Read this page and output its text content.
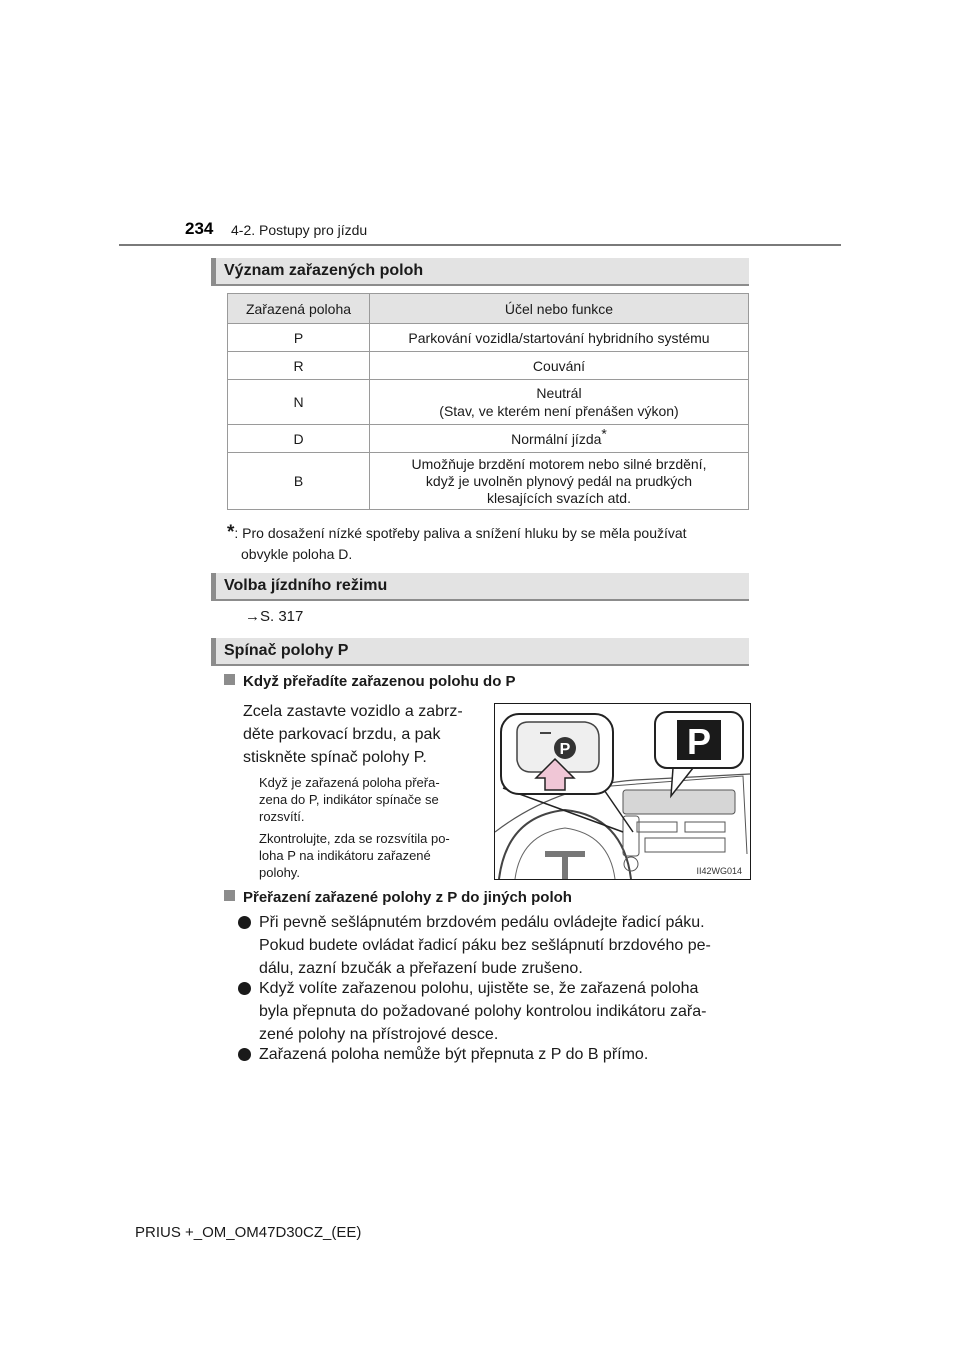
234 4-2. Postupy pro jízdu
Význam zařazených poloh
Zařazená poloha	Účel nebo funkce
P	Parkování vozidla/startování hybridního systému
R	Couvání
N	Neutrál
(Stav, ve kterém není přenášen výkon)

D	Normální jízda*
B	Umožňuje brzdění motorem nebo silné brzdění,
když je uvolněn plynový pedál na prudkých
klesajících svazích atd.
*: Pro dosažení nízké spotřeby paliva a snížení hluku by se měla používat
obvykle poloha D.
Volba jízdního režimu
→S. 317
Spínač polohy P
Když přeřadíte zařazenou polohu do P
Zcela zastavte vozidlo a zabrz-
děte parkovací brzdu, a pak
stiskněte spínač polohy P.
Když je zařazená poloha přeřa-
zena do P, indikátor spínače se
rozsvítí.
Zkontrolujte, zda se rozsvítila po-
loha P na indikátoru zařazené
polohy.
P	P
II42WG014
Přeřazení zařazené polohy z P do jiných poloh
Při pevně sešlápnutém brzdovém pedálu ovládejte řadicí páku.
Pokud budete ovládat řadicí páku bez sešlápnutí brzdového pe-
dálu, zazní bzučák a přeřazení bude zrušeno.
Když volíte zařazenou polohu, ujistěte se, že zařazená poloha
byla přepnuta do požadované polohy kontrolou indikátoru zařa-
zené polohy na přístrojové desce.
Zařazená poloha nemůže být přepnuta z P do B přímo.
PRIUS +_OM_OM47D30CZ_(EE)
